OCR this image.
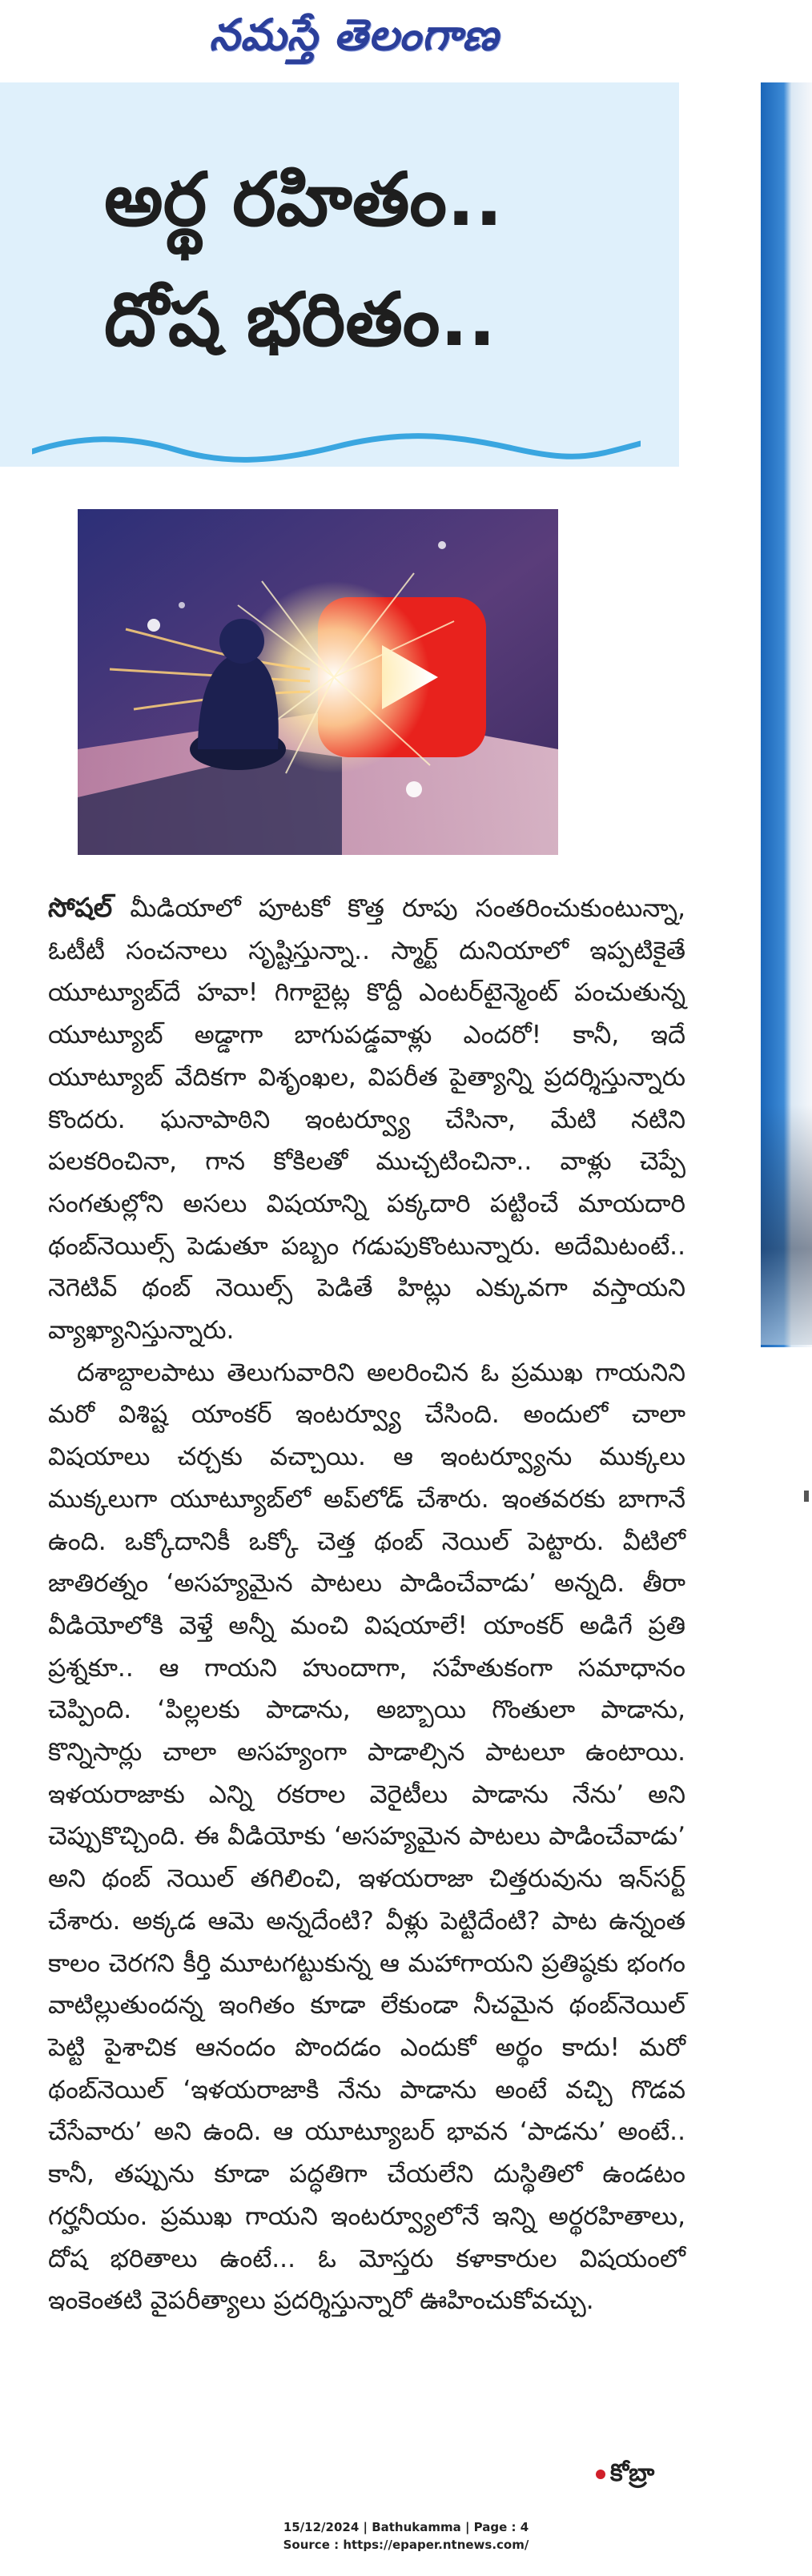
నమస్తే తెలంగాణ
అర్థ రహితం..
దోష భరితం..

సోషల్ మీడియాలో పూటకో కొత్త రూపు సంతరించుకుంటున్నా, ఓటీటీ సంచనాలు సృష్టిస్తున్నా.. స్మార్ట్ దునియాలో ఇప్పటికైతే యూట్యూబ్‌దే హవా! గిగాబైట్ల కొద్దీ ఎంటర్‌టైన్మెంట్ పంచుతున్న యూట్యూబ్ అడ్డాగా బాగుపడ్డవాళ్లు ఎందరో! కానీ, ఇదే యూట్యూబ్ వేదికగా విశృంఖల, విపరీత పైత్యాన్ని ప్రదర్శిస్తున్నారు కొందరు. ఘనాపాఠిని ఇంటర్వ్యూ చేసినా, మేటి నటిని పలకరించినా, గాన కోకిలతో ముచ్చటించినా.. వాళ్లు చెప్పే సంగతుల్లోని అసలు విషయాన్ని పక్కదారి పట్టించే మాయదారి థంబ్‌నెయిల్స్ పెడుతూ పబ్బం గడుపుకొంటున్నారు. అదేమిటంటే.. నెగెటివ్ థంబ్ నెయిల్స్ పెడితే హిట్లు ఎక్కువగా వస్తాయని వ్యాఖ్యానిస్తున్నారు.

దశాబ్దాలపాటు తెలుగువారిని అలరించిన ఓ ప్రముఖ గాయనిని మరో విశిష్ట యాంకర్ ఇంటర్వ్యూ చేసింది. అందులో చాలా విషయాలు చర్చకు వచ్చాయి. ఆ ఇంటర్వ్యూను ముక్కలు ముక్కలుగా యూట్యూబ్‌లో అప్‌లోడ్ చేశారు. ఇంతవరకు బాగానే ఉంది. ఒక్కోదానికీ ఒక్కో చెత్త థంబ్ నెయిల్ పెట్టారు. వీటిలో జాతిరత్నం ‘అసహ్యమైన పాటలు పాడించేవాడు’ అన్నది. తీరా వీడియోలోకి వెళ్తే అన్నీ మంచి విషయాలే! యాంకర్ అడిగే ప్రతి ప్రశ్నకూ.. ఆ గాయని హుందాగా, సహేతుకంగా సమాధానం చెప్పింది. ‘పిల్లలకు పాడాను, అబ్బాయి గొంతులా పాడాను, కొన్నిసార్లు చాలా అసహ్యంగా పాడాల్సిన పాటలూ ఉంటాయి. ఇళయరాజాకు ఎన్ని రకరాల వెరైటీలు పాడాను నేను’ అని చెప్పుకొచ్చింది. ఈ వీడియోకు ‘అసహ్యమైన పాటలు పాడించేవాడు’ అని థంబ్ నెయిల్ తగిలించి, ఇళయరాజా చిత్తరువును ఇన్‌సర్ట్ చేశారు. అక్కడ ఆమె అన్నదేంటి? వీళ్లు పెట్టిదేంటి? పాట ఉన్నంత కాలం చెరగని కీర్తి మూటగట్టుకున్న ఆ మహాగాయని ప్రతిష్ఠకు భంగం వాటిల్లుతుందన్న ఇంగితం కూడా లేకుండా నీచమైన థంబ్‌నెయిల్ పెట్టి పైశాచిక ఆనందం పొందడం ఎందుకో అర్థం కాదు! మరో థంబ్‌నెయిల్ ‘ఇళయరాజాకి నేను పాడాను అంటే వచ్చి గొడవ చేసేవారు’ అని ఉంది. ఆ యూట్యూబర్ భావన ‘పాడను’ అంటే.. కానీ, తప్పును కూడా పద్ధతిగా చేయలేని దుస్థితిలో ఉండటం గర్హనీయం. ప్రముఖ గాయని ఇంటర్వ్యూలోనే ఇన్ని అర్థరహితాలు, దోష భరితాలు ఉంటే... ఓ మోస్తరు కళాకారుల విషయంలో ఇంకెంతటి వైపరీత్యాలు ప్రదర్శిస్తున్నారో ఊహించుకోవచ్చు.

కోబ్రా
15/12/2024 | Bathukamma | Page : 4
Source : https://epaper.ntnews.com/
